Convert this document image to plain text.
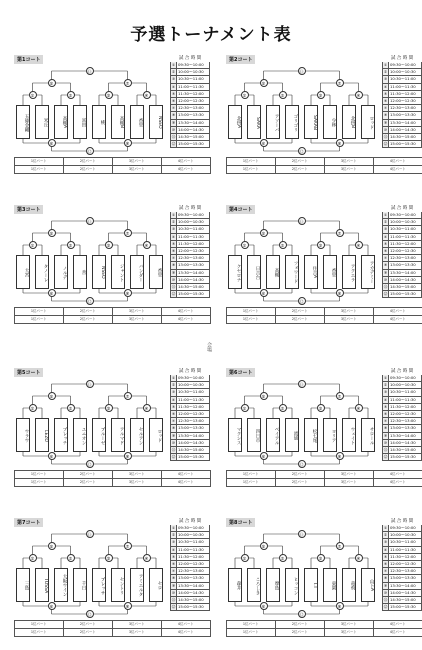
予選トーナメント表
会場
第1コート
①	②	③	④
⑤	⑦
⑪
⑥	⑧
⑫
五條金剛	米丘	高槻A	富田	桃	高槻B	香里	NSEO
試 合 時 間
① 09:30～10:00
② 10:00～10:30
③ 10:30～11:00
④ 11:00～11:30
⑤ 11:30～12:00
⑥ 12:00～12:30
⑦ 12:30～13:00
⑧ 13:00～13:30
⑨ 13:30～14:00
⑩ 14:00～14:30
⑪ 14:30～15:00
⑫ 15:00～15:30
1位パート	2位パート	3位パート	4位パート
1位パート	2位パート	3位パート	4位パート
第2コート
①	②	③	④
⑤	⑦
⑪
⑥	⑧
⑫
北摂A	SAKA	アソーバ	ゴリゴリ	SAKAB	少林	北摂B	ロッド
試 合 時 間
① 09:30～10:00
② 10:00～10:30
③ 10:30～11:00
④ 11:00～11:30
⑤ 11:30～12:00
⑥ 12:00～12:30
⑦ 12:30～13:00
⑧ 13:00～13:30
⑨ 13:30～14:00
⑩ 14:00～14:30
⑪ 14:30～15:00
⑫ 15:00～15:30
1位パート	2位パート	3位パート	4位パート
1位パート	2位パート	3位パート	4位パート
第3コート
①	②	③	④
⑤	⑦
⑪
⑥	⑧
⑫
大宮	タノーレ	ノルデ	善	NSEO	ジャント	バンダー	香里
試 合 時 間
① 09:30～10:00
② 10:00～10:30
③ 10:30～11:00
④ 11:00～11:30
⑤ 11:30～12:00
⑥ 12:00～12:30
⑦ 12:30～13:00
⑧ 13:00～13:30
⑨ 13:30～14:00
⑩ 14:00～14:30
⑪ 14:30～15:00
⑫ 15:00～15:30
1位パート	2位パート	3位パート	4位パート
1位パート	2位パート	3位パート	4位パート
第4コート
①	②	③	④
⑤	⑦
⑪
⑥	⑧
⑫
クセロナ	日吉台	高槻	フォワード	住吉A	香里	アクエラ	アカデミー
試 合 時 間
① 09:30～10:00
② 10:00～10:30
③ 10:30～11:00
④ 11:00～11:30
⑤ 11:30～12:00
⑥ 12:00～12:30
⑦ 12:30～13:00
⑧ 13:00～13:30
⑨ 13:30～14:00
⑩ 14:00～14:30
⑪ 14:30～15:00
⑫ 15:00～15:30
1位パート	2位パート	3位パート	4位パート
1位パート	2位パート	3位パート	4位パート
第5コート
①	②	③	④
⑤	⑦
⑪
⑥	⑧
⑫
ウラウ	LEZO	プレッチ	ユニオン	ブルーゼ	アルマド	セルアン	ロッド
試 合 時 間
① 09:30～10:00
② 10:00～10:30
③ 10:30～11:00
④ 11:00～11:30
⑤ 11:30～12:00
⑥ 12:00～12:30
⑦ 12:30～13:00
⑧ 13:00～13:30
⑨ 13:30～14:00
⑩ 14:00～14:30
⑪ 14:30～15:00
⑫ 15:00～15:30
1位パート	2位パート	3位パート	4位パート
1位パート	2位パート	3位パート	4位パート
第6コート
①	②	③	④
⑤	⑦
⑪
⑥	⑧
⑫
マクシス	四日市	ベイアル	流通	松七尾	ヨリア	ウェイト	サロール
試 合 時 間
① 09:30～10:00
② 10:00～10:30
③ 10:30～11:00
④ 11:00～11:30
⑤ 11:30～12:00
⑥ 12:00～12:30
⑦ 12:30～13:00
⑧ 13:00～13:30
⑨ 13:30～14:00
⑩ 14:00～14:30
⑪ 14:30～15:00
⑫ 15:00～15:30
1位パート	2位パート	3位パート	4位パート
1位パート	2位パート	3位パート	4位パート
第7コート
①	②	③	④
⑤	⑦
⑪
⑥	⑧
⑫
三島	TOSSA	大阪ウイン	千日	ブレッサ	セントリ	アミエルタ	セロ
試 合 時 間
① 09:30～10:00
② 10:00～10:30
③ 10:30～11:00
④ 11:00～11:30
⑤ 11:30～12:00
⑥ 12:00～12:30
⑦ 12:30～13:00
⑧ 13:00～13:30
⑨ 13:30～14:00
⑩ 14:00～14:30
⑪ 14:30～15:00
⑫ 15:00～15:30
1位パート	2位パート	3位パート	4位パート
1位パート	2位パート	3位パート	4位パート
第8コート
①	②	③	④
⑤	⑦
⑪
⑥	⑧
⑫
森井	ころしき	摩島	ヒッコン	T.T	東園	竜飛	山下A
試 合 時 間
① 09:30～10:00
② 10:00～10:30
③ 10:30～11:00
④ 11:00～11:30
⑤ 11:30～12:00
⑥ 12:00～12:30
⑦ 12:30～13:00
⑧ 13:00～13:30
⑨ 13:30～14:00
⑩ 14:00～14:30
⑪ 14:30～15:00
⑫ 15:00～15:30
1位パート	2位パート	3位パート	4位パート
1位パート	2位パート	3位パート	4位パート
